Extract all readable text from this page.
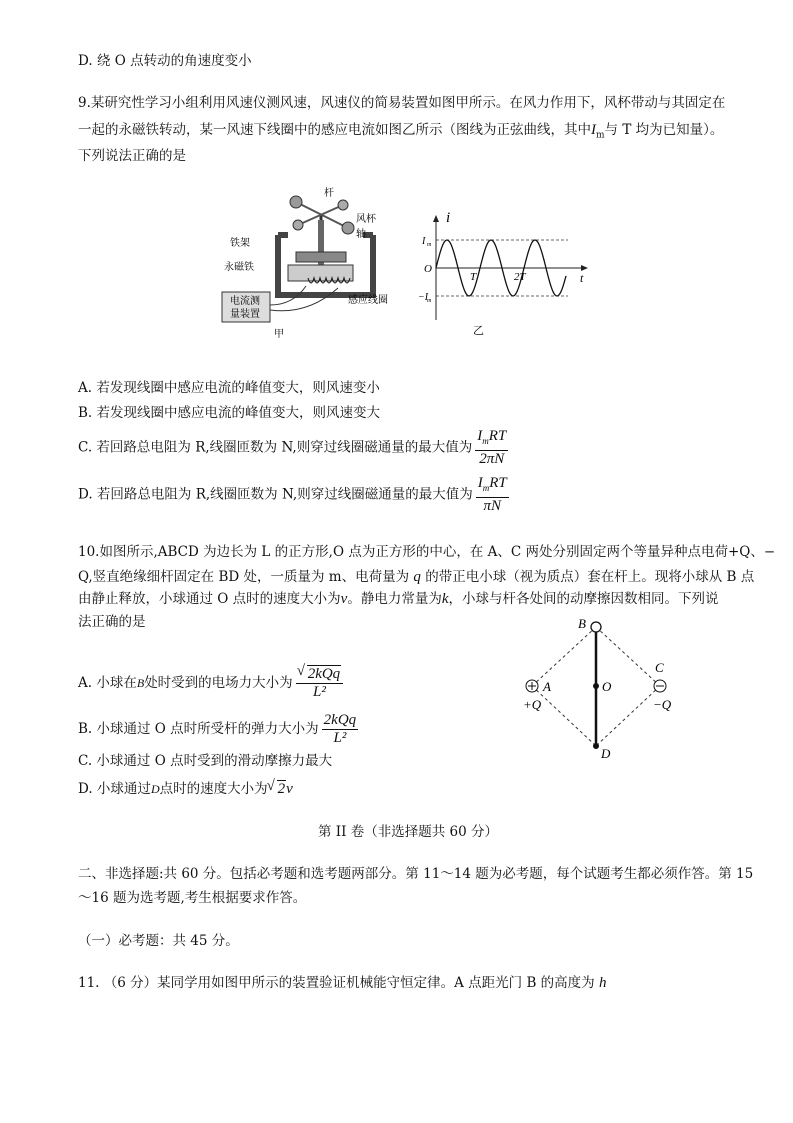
D. 绕 O 点转动的角速度变小
9.某研究性学习小组利用风速仪测风速，风速仪的简易装置如图甲所示。在风力作用下，风杯带动与其固定在
一起的永磁铁转动，某一风速下线圈中的感应电流如图乙所示（图线为正弦曲线，其中$I_m$与 T 均为已知量）。
下列说法正确的是
杆
风杯
轴
铁架
永磁铁
电流测
量装置
感应线圈
甲
i
t
I m
O
−I
m
T	2T
乙
A. 若发现线圈中感应电流的峰值变大，则风速变小
B. 若发现线圈中感应电流的峰值变大，则风速变大
C. 若回路总电阻为 R,线圈匝数为 N,则穿过线圈磁通量的最大值为 $\frac{I_mRT}{2\pi N}$
D. 若回路总电阻为 R,线圈匝数为 N,则穿过线圈磁通量的最大值为 $\frac{I_mRT}{\pi N}$
10.如图所示,ABCD 为边长为 L 的正方形,O 点为正方形的中心，在 A、C 两处分别固定两个等量异种点电荷+Q、−
Q,竖直绝缘细杆固定在 BD 处，一质量为 m、电荷量为 q 的带正电小球（视为质点）套在杆上。现将小球从 B 点
由静止释放，小球通过 O 点时的速度大小为v。静电力常量为k，小球与杆各处间的动摩擦因数相同。下列说
法正确的是	B
C
A	O
D
+Q	−Q
A. 小球在B处时受到的电场力大小为 √ $\frac{\text{2kQq}}{\text{L²}}$
B. 小球通过 O 点时所受杆的弹力大小为 $\frac{\text{2kQq}}{\text{L²}}$
C. 小球通过 O 点时受到的滑动摩擦力最大
D. 小球通过D点时的速度大小为 √ 2v
第 II 卷（非选择题共 60 分）
二、非选择题:共 60 分。包括必考题和选考题两部分。第 11～14 题为必考题，每个试题考生都必须作答。第 15
～16 题为选考题,考生根据要求作答。
（一）必考题：共 45 分。
11. （6 分）某同学用如图甲所示的装置验证机械能守恒定律。A 点距光门 B 的高度为 h
